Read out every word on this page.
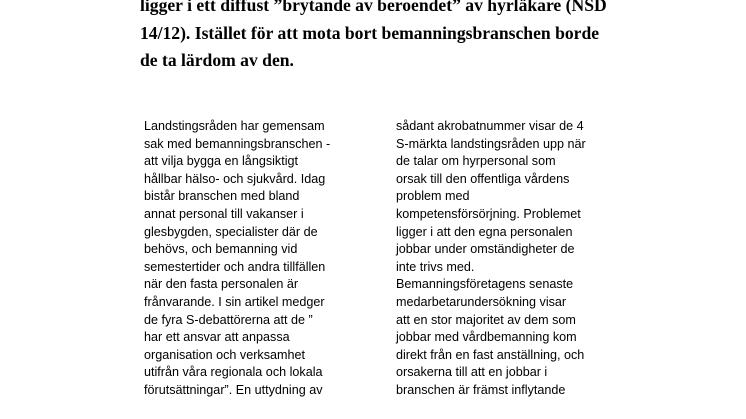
ligger i ett diffust ”brytande av beroendet” av hyrläkare (NSD
14/12). Istället för att mota bort bemanningsbranschen borde
de ta lärdom av den.
Landstingsråden har gemensam
sak med bemanningsbranschen -
att vilja bygga en långsiktigt
hållbar hälso- och sjukvård. Idag
bistår branschen med bland
annat personal till vakanser i
glesbygden, specialister där de
behövs, och bemanning vid
semestertider och andra tillfällen
när den fasta personalen är
frånvarande. I sin artikel medger
de fyra S-debattörerna att de ”
har ett ansvar att anpassa
organisation och verksamhet
utifrån våra regionala och lokala
förutsättningar”. En uttydning av
sådant akrobatnummer visar de 4
S-märkta landstingsråden upp när
de talar om hyrpersonal som
orsak till den offentliga vårdens
problem med
kompetensförsörjning. Problemet
ligger i att den egna personalen
jobbar under omständigheter de
inte trivs med.
Bemanningsföretagens senaste
medarbetarundersökning visar
att en stor majoritet av dem som
jobbar med vårdbemanning kom
direkt från en fast anställning, och
orsakerna till att en jobbar i
branschen är främst inflytande
